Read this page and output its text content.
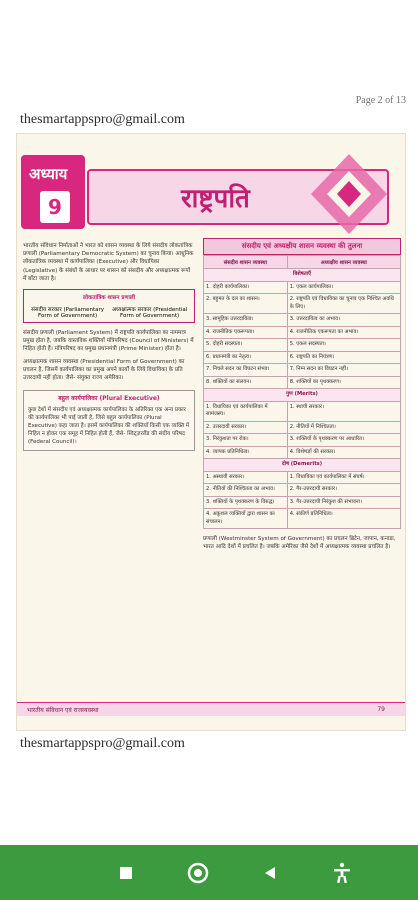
Page 2 of 13
thesmartappspro@gmail.com
अध्याय
9	राष्ट्रपति

भारतीय संविधान निर्माताओं ने भारत को शासन व्यवस्था के लिये संसदीय लोकतांत्रिक प्रणाली (Parliamentary Democratic System) का चुनाव किया। आधुनिक लोकतांत्रिक व्यवस्था में कार्यपालिका (Executive) और विधायिका (Legislative) के संबंधों के आधार पर शासन को संसदीय और अध्यक्षात्मक रूपों में बाँटा जाता है।

लोकतांत्रिक शासन प्रणाली
संसदीय सरकार (Parliamentary Form of Government)
अध्यक्षात्मक सरकार (Presidential Form of Government)

संसदीय प्रणाली (Parliament System) में राष्ट्रपति कार्यपालिका का नाममात्र प्रमुख होता है, जबकि वास्तविक शक्तियाँ मंत्रिपरिषद (Council of Ministers) में निहित होती हैं। मंत्रिपरिषद का प्रमुख प्रधानमंत्री (Prime Minister) होता है।

अध्यक्षात्मक शासन व्यवस्था (Presidential Form of Government) का प्रचलन है, जिसमें कार्यपालिका का प्रमुख अपने कार्यों के लिये विधायिका के प्रति उत्तरदायी नहीं होता। जैसे- संयुक्त राज्य अमेरिका।

बहुल कार्यपालिका (Plural Executive)
कुछ देशों में संसदीय एवं अध्यक्षात्मक कार्यपालिका के अतिरिक्त एक अन्य प्रकार की कार्यपालिका भी पाई जाती है, जिसे बहुल कार्यपालिका (Plural Executive) कहा जाता है। इसमें कार्यपालिका की शक्तियाँ किसी एक व्यक्ति में निहित न होकर एक समूह में निहित होती हैं, जैसे- स्विट्ज़रलैंड की संघीय परिषद (Federal Council)।
संसदीय एवं अध्यक्षीय शासन व्यवस्था की तुलना
संसदीय शासन व्यवस्था	अध्यक्षीय शासन व्यवस्था
विशेषताएँ	
1. दोहरी कार्यपालिका।	1. एकल कार्यपालिका।
2. बहुमत के दल का शासन।	2. राष्ट्रपति एवं विधायिका का चुनाव एक निश्चित अवधि के लिए।
3. सामूहिक उत्तरदायित्व।	3. उत्तरदायित्व का अभाव।
4. राजनीतिक एकरूपता।	4. राजनीतिक एकरूपता का अभाव।
5. दोहरी सदस्यता।	5. एकल सदस्यता।
6. प्रधानमंत्री का नेतृत्व।	6. राष्ट्रपति का नियंत्रण।
7. निचले सदन का विघटन संभव।	7. निम्न सदन का विघटन नहीं।
8. शक्तियों का संलयन।	8. शक्तियों का पृथक्करण।
गुण (Merits)	
1. विधायिका एवं कार्यपालिका में सामंजस्य।	1. स्थायी सरकार।
2. उत्तरदायी सरकार।	2. नीतियों में निश्चितता।
3. निरंकुशता पर रोक।	3. शक्तियों के पृथक्करण पर आधारित।
4. व्यापक प्रतिनिधित्व।	4. विशेषज्ञों की सरकार।
दोष (Demerits)	
1. अस्थायी सरकार।	1. विधायिका एवं कार्यपालिका में संघर्ष।
2. नीतियों की निश्चितता का अभाव।	2. गैर-उत्तरदायी सरकार।
3. शक्तियों के पृथक्करण के विरुद्ध।	3. गैर-उत्तरदायी निरंकुश की संभावना।
4. अकुशल व्यक्तियों द्वारा शासन का संचालन।	4. संकीर्ण प्रतिनिधित्व।

प्रणाली (Westminster System of Government) का प्रचलन ब्रिटेन, जापान, कनाडा, भारत आदि देशों में प्रचलित है। जबकि अमेरिका जैसे देशों में अध्यक्षात्मक व्यवस्था प्रचलित है।

भारतीय संविधान एवं राजव्यवस्था	79
thesmartappspro@gmail.com
